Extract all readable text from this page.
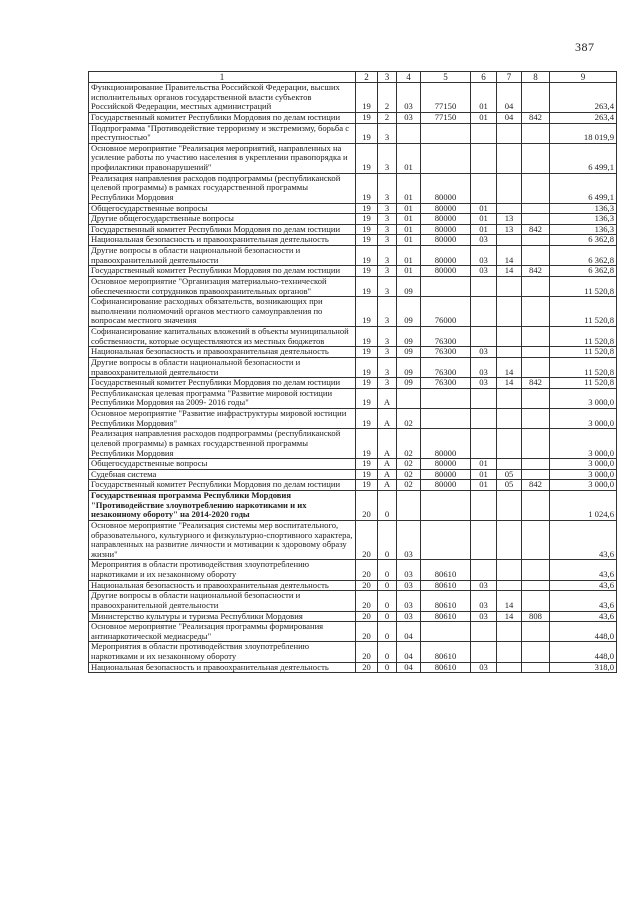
387
1	2	3	4	5	6	7	8	9
Функционирование Правительства Российской Федерации, высших исполнительных органов государственной власти субъектов Российской Федерации, местных администраций	19	2	03	77150	01	04		263,4
Государственный комитет Республики Мордовия по делам юстиции	19	2	03	77150	01	04	842	263,4
Подпрограмма "Противодействие терроризму и экстремизму, борьба с преступностью"	19	3						18 019,9
Основное мероприятие "Реализация мероприятий, направленных на усиление работы по участию населения в укреплении правопорядка и профилактики правонарушений"	19	3	01					6 499,1
Реализация направления расходов подпрограммы (республиканской целевой программы) в рамках государственной программы Республики Мордовия	19	3	01	80000				6 499,1
Общегосударственные вопросы	19	3	01	80000	01			136,3
Другие общегосударственные вопросы	19	3	01	80000	01	13		136,3
Государственный комитет Республики Мордовия по делам юстиции	19	3	01	80000	01	13	842	136,3
Национальная безопасность и правоохранительная деятельность	19	3	01	80000	03			6 362,8
Другие вопросы в области национальной безопасности и правоохранительной деятельности	19	3	01	80000	03	14		6 362,8
Государственный комитет Республики Мордовия по делам юстиции	19	3	01	80000	03	14	842	6 362,8
Основное мероприятие "Организация материально-технической обеспеченности сотрудников правоохранительных органов"	19	3	09					11 520,8
Софинансирование расходных обязательств, возникающих при выполнении полномочий органов местного самоуправления по вопросам местного значения	19	3	09	76000				11 520,8
Софинансирование капитальных вложений в объекты муниципальной собственности, которые осуществляются из местных бюджетов	19	3	09	76300				11 520,8
Национальная безопасность и правоохранительная деятельность	19	3	09	76300	03			11 520,8
Другие вопросы в области национальной безопасности и правоохранительной деятельности	19	3	09	76300	03	14		11 520,8
Государственный комитет Республики Мордовия по делам юстиции	19	3	09	76300	03	14	842	11 520,8
Республиканская целевая программа "Развитие мировой юстиции Республики Мордовия на 2009- 2016 годы"	19	А						3 000,0
Основное мероприятие "Развитие инфраструктуры мировой юстиции Республики Мордовия"	19	А	02					3 000,0
Реализация направления расходов подпрограммы (республиканской целевой программы) в рамках государственной программы Республики Мордовия	19	А	02	80000				3 000,0
Общегосударственные вопросы	19	А	02	80000	01			3 000,0
Судебная система	19	А	02	80000	01	05		3 000,0
Государственный комитет Республики Мордовия по делам юстиции	19	А	02	80000	01	05	842	3 000,0
Государственная программа Республики Мордовия "Противодействие злоупотреблению наркотиками и их незаконному обороту" на 2014-2020 годы	20	0						1 024,6
Основное мероприятие "Реализация системы мер воспитательного, образовательного, культурного и физкультурно-спортивного характера, направленных на развитие личности и мотивации к здоровому образу жизни"	20	0	03					43,6
Мероприятия в области противодействия злоупотреблению наркотиками и их незаконному обороту	20	0	03	80610				43,6
Национальная безопасность и правоохранительная деятельность	20	0	03	80610	03			43,6
Другие вопросы в области национальной безопасности и правоохранительной деятельности	20	0	03	80610	03	14		43,6
Министерство культуры и туризма Республики Мордовия	20	0	03	80610	03	14	808	43,6
Основное мероприятие "Реализация программы формирования антинаркотической медиасреды"	20	0	04					448,0
Мероприятия в области противодействия злоупотреблению наркотиками и их незаконному обороту	20	0	04	80610				448,0
Национальная безопасность и правоохранительная деятельность	20	0	04	80610	03			318,0
